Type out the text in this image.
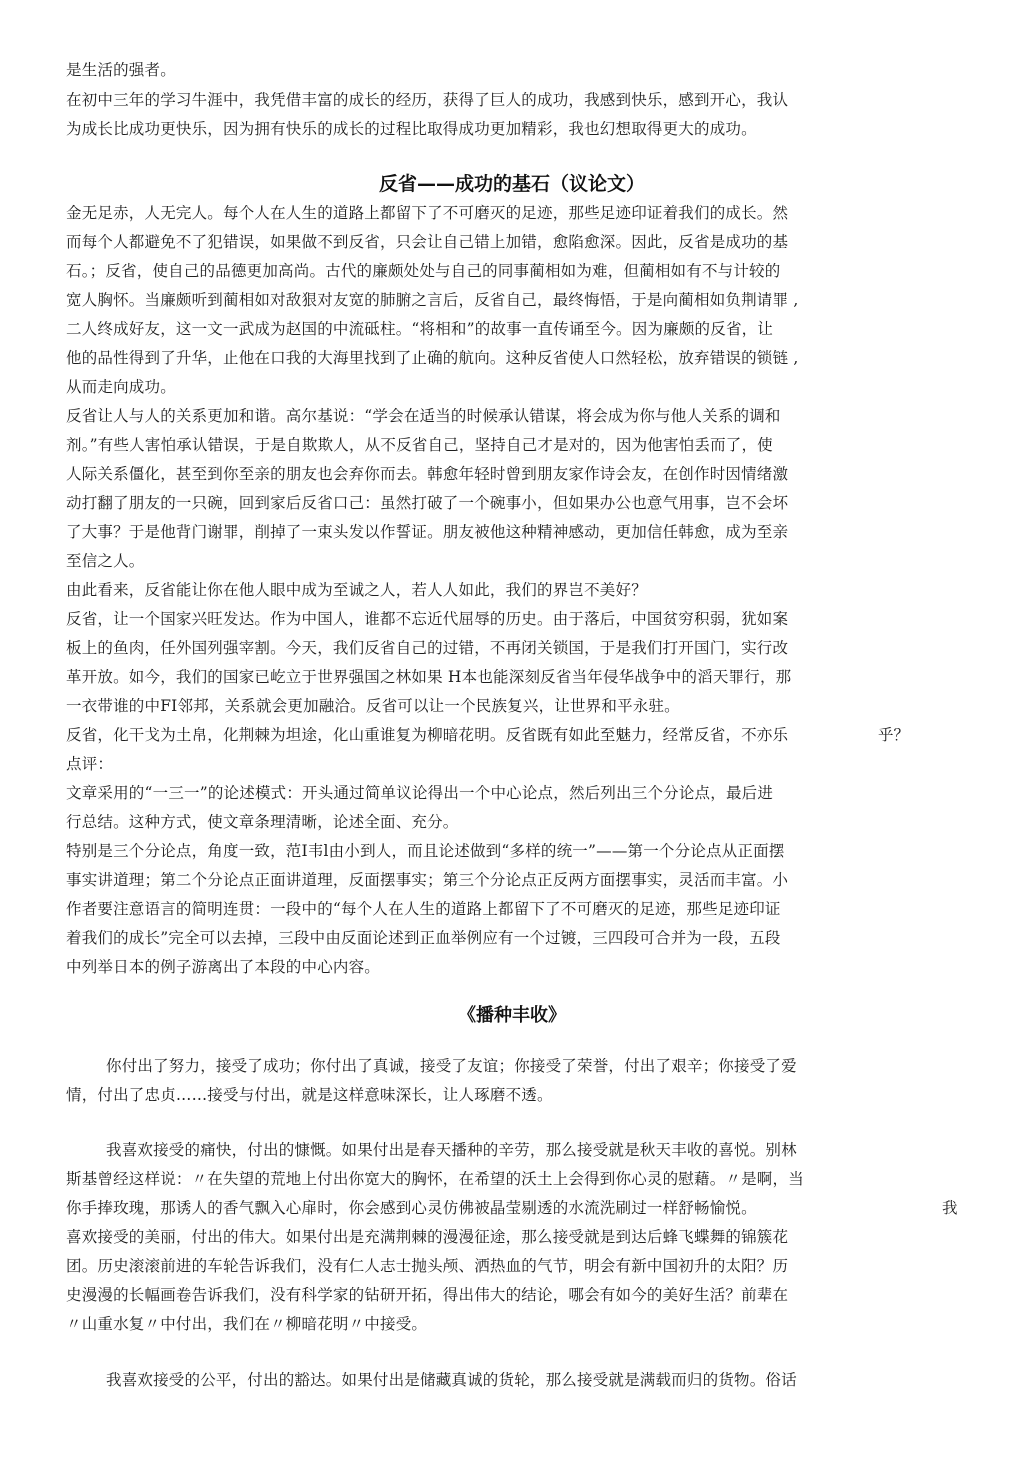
是生活的强者。
在初中三年的学习牛涯中，我凭借丰富的成长的经历，获得了巨人的成功，我感到快乐，感到开心，我认
为成长比成功更快乐，因为拥有快乐的成长的过程比取得成功更加精彩，我也幻想取得更大的成功。
反省——成功的基石（议论文）
金无足赤，人无完人。每个人在人生的道路上都留下了不可磨灭的足迹，那些足迹印证着我们的成长。然
而每个人都避免不了犯错误，如果做不到反省，只会让自己错上加错，愈陷愈深。因此，反省是成功的基
石。；反省，使自己的品德更加高尚。古代的廉颇处处与自己的同事蔺相如为难，但蔺相如有不与计较的
宽人胸怀。当廉颇听到蔺相如对敌狠对友宽的肺腑之言后，反省自己，最终悔悟，于是向蔺相如负荆请罪 ,
二人终成好友，这一文一武成为赵国的中流砥柱。“将相和”的故事一直传诵至今。因为廉颇的反省，让
他的品性得到了升华，止他在口我的大海里找到了止确的航向。这种反省使人口然轻松，放弃错误的锁链 ,
从而走向成功。
反省让人与人的关系更加和谐。高尔基说：“学会在适当的时候承认错谋，将会成为你与他人关系的调和
剂。”有些人害怕承认错误，于是自欺欺人，从不反省自己，坚持自己才是对的，因为他害怕丢而了，使
人际关系僵化，甚至到你至亲的朋友也会弃你而去。韩愈年轻时曾到朋友家作诗会友，在创作时因情绪激
动打翻了朋友的一只碗，回到家后反省口己：虽然打破了一个碗事小，但如果办公也意气用事，岂不会坏
了大事？于是他背门谢罪，削掉了一束头发以作誓证。朋友被他这种精神感动，更加信任韩愈，成为至亲
至信之人。
由此看来，反省能让你在他人眼中成为至诚之人，若人人如此，我们的界岂不美好？
反省，让一个国家兴旺发达。作为中国人，谁都不忘近代屈辱的历史。由于落后，中国贫穷积弱，犹如案
板上的鱼肉，任外国列强宰割。今天，我们反省自己的过错，不再闭关锁国，于是我们打开国门，实行改
革开放。如今，我们的国家已屹立于世界强国之林如果 H本也能深刻反省当年侵华战争中的滔天罪行，那
一衣带谁的中FI邻邦，关系就会更加融洽。反省可以让一个民族复兴，让世界和平永驻。
反省，化干戈为土帛，化荆棘为坦途，化山重谁复为柳暗花明。反省既有如此至魅力，经常反省，不亦乐	乎？
点评：
文章采用的“一三一”的论述模式：开头通过简单议论得出一个中心论点，然后列出三个分论点，最后进
行总结。这种方式，使文章条理清晰，论述全面、充分。
特别是三个分论点，角度一致，范I韦l由小到人，而且论述做到“多样的统一”——第一个分论点从正面摆
事实讲道理；第二个分论点正面讲道理，反面摆事实；第三个分论点正反两方面摆事实，灵活而丰富。小
作者要注意语言的简明连贯：一段中的“每个人在人生的道路上都留下了不可磨灭的足迹，那些足迹印证
着我们的成长”完全可以去掉，三段中由反面论述到正血举例应有一个过镀，三四段可合并为一段，五段
中列举日本的例子游离出了本段的中心内容。
《播种丰收》
你付出了努力，接受了成功；你付出了真诚，接受了友谊；你接受了荣誉，付出了艰辛；你接受了爱
情，付出了忠贞……接受与付出，就是这样意味深长，让人琢磨不透。
我喜欢接受的痛快，付出的慷慨。如果付出是春天播种的辛劳，那么接受就是秋天丰收的喜悦。别林
斯基曾经这样说：〃在失望的荒地上付出你宽大的胸怀，在希望的沃土上会得到你心灵的慰藉。〃是啊，当
你手捧玫瑰，那诱人的香气飘入心扉时，你会感到心灵仿佛被晶莹剔透的水流洗刷过一样舒畅愉悦。	我
喜欢接受的美丽，付出的伟大。如果付出是充满荆棘的漫漫征途，那么接受就是到达后蜂飞蝶舞的锦簇花
团。历史滚滚前进的车轮告诉我们，没有仁人志士抛头颅、洒热血的气节，明会有新中国初升的太阳？历
史漫漫的长幅画卷告诉我们，没有科学家的钻研开拓，得出伟大的结论，哪会有如今的美好生活？前辈在
〃山重水复〃中付出，我们在〃柳暗花明〃中接受。
我喜欢接受的公平，付出的豁达。如果付出是储藏真诚的货轮，那么接受就是满载而归的货物。俗话
